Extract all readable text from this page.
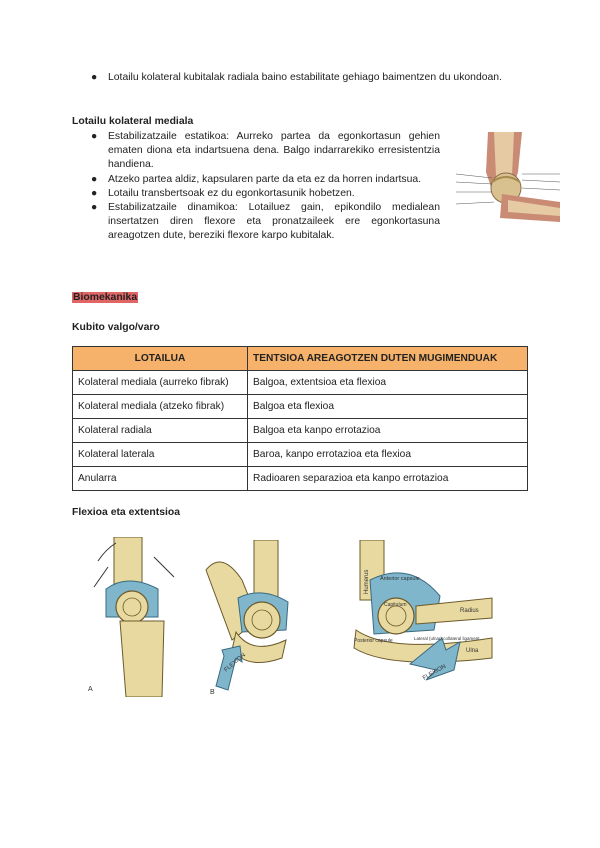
● Lotailu kolateral kubitalak radiala baino estabilitate gehiago baimentzen du ukondoan.
Lotailu kolateral mediala
● Estabilizatzaile estatikoa: Aurreko partea da egonkortasun gehien ematen diona eta indartsuena dena. Balgo indarrarekiko erresistentzia handiena.
● Atzeko partea aldiz, kapsularen parte da eta ez da horren indartsua.
● Lotailu transbertsoak ez du egonkortasunik hobetzen.
● Estabilizatzaile dinamikoa: Lotailuez gain, epikondilo medialean insertatzen diren flexore eta pronatzaileek ere egonkortasuna areagotzen dute, bereziki flexore karpo kubitalak.
Biomekanika
Kubito valgo/varo
LOTAILUA	TENTSIOA AREAGOTZEN DUTEN MUGIMENDUAK
Kolateral mediala (aurreko fibrak)	Balgoa, extentsioa eta flexioa
Kolateral mediala (atzeko fibrak)	Balgoa eta flexioa
Kolateral radiala	Balgoa eta kanpo errotazioa
Kolateral laterala	Baroa, kanpo errotazioa eta flexioa
Anularra	Radioaren separazioa eta kanpo errotazioa
Flexioa eta extentsioa
A
FLEXION
B
Humerus Anterior capsule
Capitulum
Radius
Ulna
Posterior capsule	Lateral (ulnar) collateral ligament
FLEXION
